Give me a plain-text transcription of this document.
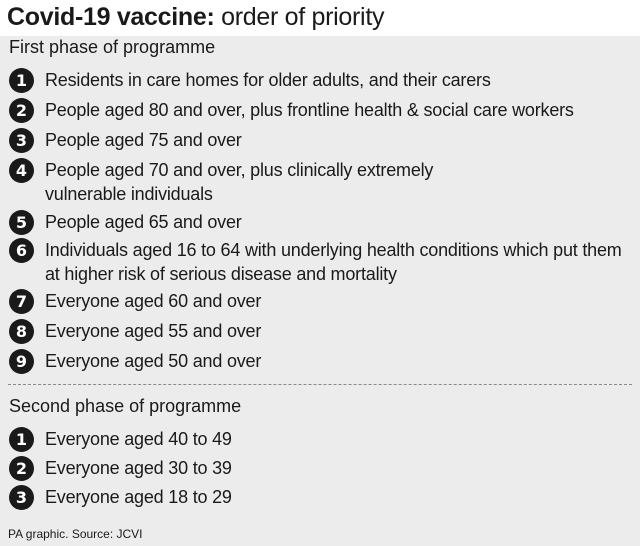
Covid-19 vaccine: order of priority
First phase of programme
1 Residents in care homes for older adults, and their carers
2 People aged 80 and over, plus frontline health & social care workers
3 People aged 75 and over
4 People aged 70 and over, plus clinically extremely vulnerable individuals
5 People aged 65 and over
6 Individuals aged 16 to 64 with underlying health conditions which put them at higher risk of serious disease and mortality
7 Everyone aged 60 and over
8 Everyone aged 55 and over
9 Everyone aged 50 and over
Second phase of programme
1 Everyone aged 40 to 49
2 Everyone aged 30 to 39
3 Everyone aged 18 to 29
PA graphic. Source: JCVI
